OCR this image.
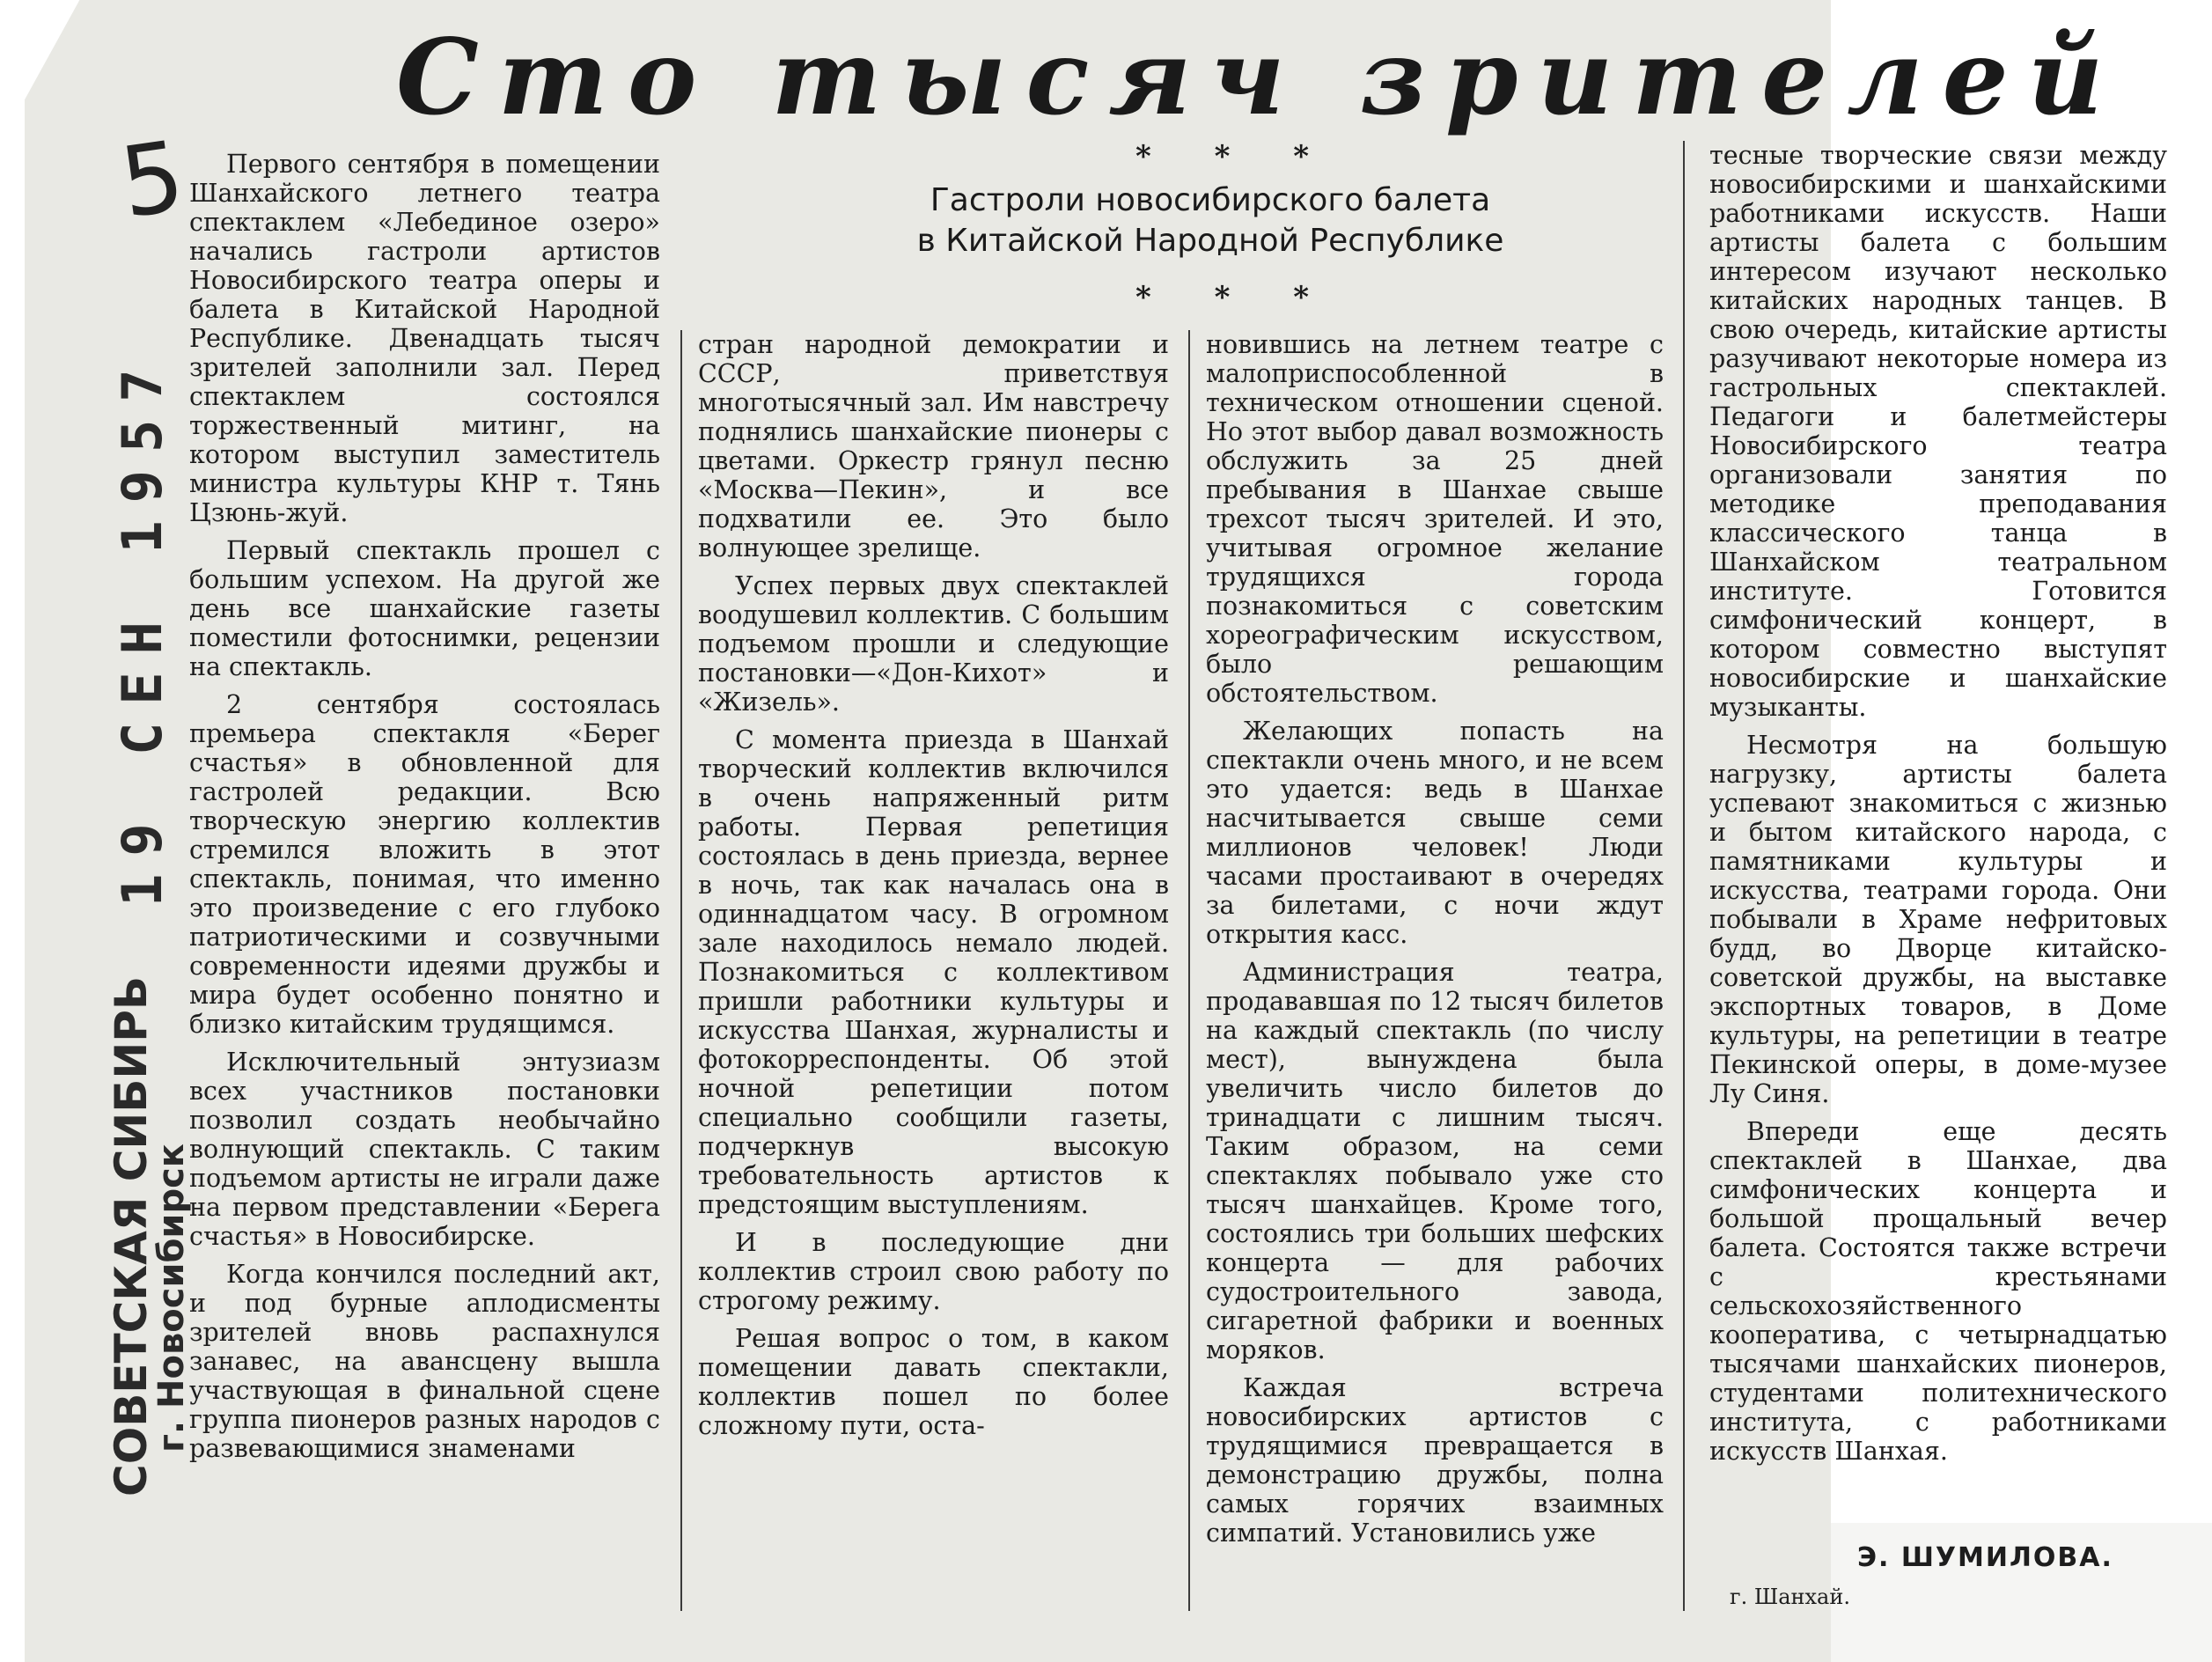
Сто тысяч зрителей
* * *
Гастроли новосибирского балета
в Китайской Народной Республике
* * *
5
19 СЕН 1957
СОВЕТСКАЯ СИБИРЬ
г. Новосибирск

Первого сентября в помещении Шанхайского летнего театра спектаклем «Лебединое озеро» начались гастроли артистов Новосибирского театра оперы и балета в Китайской Народной Республике. Двенадцать тысяч зрителей заполнили зал. Перед спектаклем состоялся торжественный митинг, на котором выступил заместитель министра культуры КНР т. Тянь Цзюнь-жуй.

Первый спектакль прошел с большим успехом. На другой же день все шанхайские газеты поместили фотоснимки, рецензии на спектакль.

2 сентября состоялась премьера спектакля «Берег счастья» в обновленной для гастролей редакции. Всю творческую энергию коллектив стремился вложить в этот спектакль, понимая, что именно это произведение с его глубоко патриотическими и созвучными современности идеями дружбы и мира будет особенно понятно и близко китайским трудящимся.

Исключительный энтузиазм всех участников постановки позволил создать необычайно волнующий спектакль. С таким подъемом артисты не играли даже на первом представлении «Берега счастья» в Новосибирске.

Когда кончился последний акт, и под бурные аплодисменты зрителей вновь распахнулся занавес, на авансцену вышла участвующая в финальной сцене группа пионеров разных народов с развевающимися знаменами

стран народной демократии и СССР, приветствуя многотысячный зал. Им навстречу поднялись шанхайские пионеры с цветами. Оркестр грянул песню «Москва—Пекин», и все подхватили ее. Это было волнующее зрелище.

Успех первых двух спектаклей воодушевил коллектив. С большим подъемом прошли и следующие постановки—«Дон-Кихот» и «Жизель».

С момента приезда в Шанхай творческий коллектив включился в очень напряженный ритм работы. Первая репетиция состоялась в день приезда, вернее в ночь, так как началась она в одиннадцатом часу. В огромном зале находилось немало людей. Познакомиться с коллективом пришли работники культуры и искусства Шанхая, журналисты и фотокорреспонденты. Об этой ночной репетиции потом специально сообщили газеты, подчеркнув высокую требовательность артистов к предстоящим выступлениям.

И в последующие дни коллектив строил свою работу по строгому режиму.

Решая вопрос о том, в каком помещении давать спектакли, коллектив пошел по более сложному пути, оста-

новившись на летнем театре с малоприспособленной в техническом отношении сценой. Но этот выбор давал возможность обслужить за 25 дней пребывания в Шанхае свыше трехсот тысяч зрителей. И это, учитывая огромное желание трудящихся города познакомиться с советским хореографическим искусством, было решающим обстоятельством.

Желающих попасть на спектакли очень много, и не всем это удается: ведь в Шанхае насчитывается свыше семи миллионов человек! Люди часами простаивают в очередях за билетами, с ночи ждут открытия касс.

Администрация театра, продававшая по 12 тысяч билетов на каждый спектакль (по числу мест), вынуждена была увеличить число билетов до тринадцати с лишним тысяч. Таким образом, на семи спектаклях побывало уже сто тысяч шанхайцев. Кроме того, состоялись три больших шефских концерта — для рабочих судостроительного завода, сигаретной фабрики и военных моряков.

Каждая встреча новосибирских артистов с трудящимися превращается в демонстрацию дружбы, полна самых горячих взаимных симпатий. Установились уже

тесные творческие связи между новосибирскими и шанхайскими работниками искусств. Наши артисты балета с большим интересом изучают несколько китайских народных танцев. В свою очередь, китайские артисты разучивают некоторые номера из гастрольных спектаклей. Педагоги и балетмейстеры Новосибирского театра организовали занятия по методике преподавания классического танца в Шанхайском театральном институте. Готовится симфонический концерт, в котором совместно выступят новосибирские и шанхайские музыканты.

Несмотря на большую нагрузку, артисты балета успевают знакомиться с жизнью и бытом китайского народа, с памятниками культуры и искусства, театрами города. Они побывали в Храме нефритовых будд, во Дворце китайско-советской дружбы, на выставке экспортных товаров, в Доме культуры, на репетиции в театре Пекинской оперы, в доме-музее Лу Синя.

Впереди еще десять спектаклей в Шанхае, два симфонических концерта и большой прощальный вечер балета. Состоятся также встречи с крестьянами сельскохозяйственного кооператива, с четырнадцатью тысячами шанхайских пионеров, студентами политехнического института, с работниками искусств Шанхая.

Э. ШУМИЛОВА.
г. Шанхай.
